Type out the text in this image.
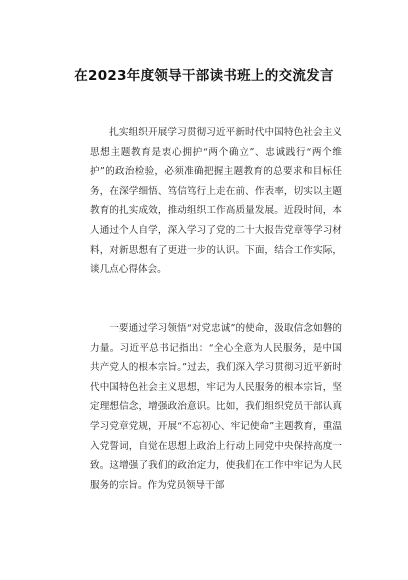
在2023年度领导干部读书班上的交流发言

扎实组织开展学习贯彻习近平新时代中国特色社会主义思想主题教育是衷心拥护“两个确立”、忠诚践行“两个维护”的政治检验，必须准确把握主题教育的总要求和目标任务，在深学细悟、笃信笃行上走在前、作表率，切实以主题教育的扎实成效，推动组织工作高质量发展。近段时间，本人通过个人自学，深入学习了党的二十大报告党章等学习材料，对新思想有了更进一步的认识。下面，结合工作实际，谈几点心得体会。

一要通过学习领悟“对党忠诚”的使命，汲取信念如磐的力量。习近平总书记指出：“全心全意为人民服务，是中国共产党人的根本宗旨。”过去，我们深入学习贯彻习近平新时代中国特色社会主义思想，牢记为人民服务的根本宗旨，坚定理想信念，增强政治意识。比如，我们组织党员干部认真学习党章党规，开展“不忘初心、牢记使命”主题教育，重温入党誓词，自觉在思想上政治上行动上同党中央保持高度一致。这增强了我们的政治定力，使我们在工作中牢记为人民服务的宗旨。作为党员领导干部
